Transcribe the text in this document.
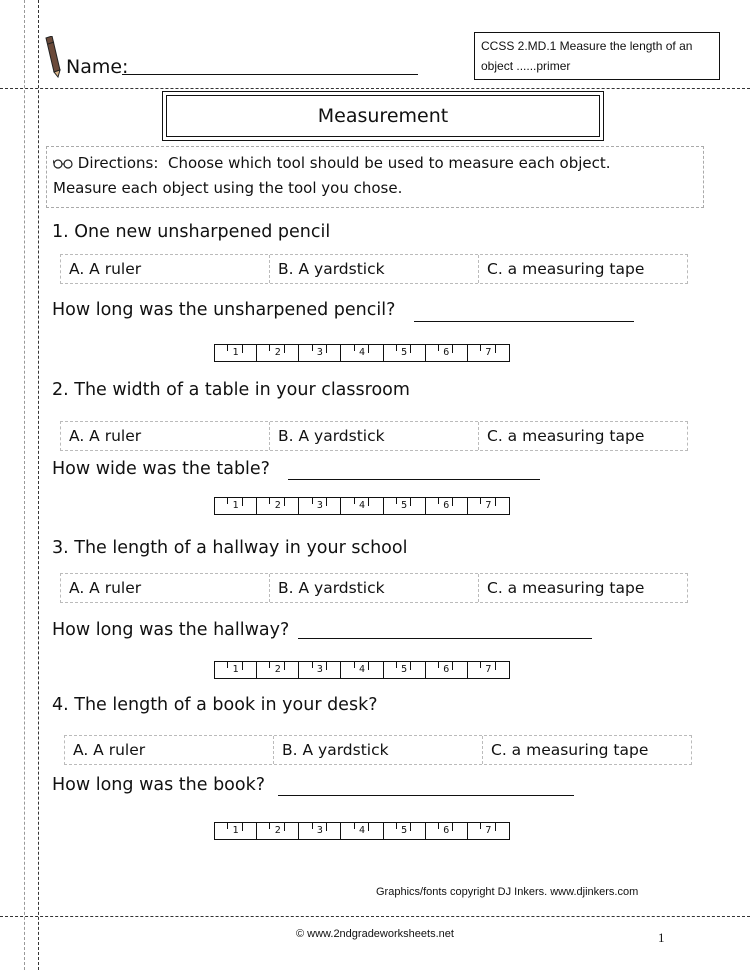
Name:
CCSS 2.MD.1 Measure the length of an
object ......primer
Measurement
Directions: Choose which tool should be used to measure each object.
Measure each object using the tool you chose.
1. One new unsharpened pencil
A. A ruler	B. A yardstick	C. a measuring tape
How long was the unsharpened pencil?
1	2	3	4	5	6	7
2. The width of a table in your classroom
A. A ruler	B. A yardstick	C. a measuring tape
How wide was the table?
1	2	3	4	5	6	7
3. The length of a hallway in your school
A. A ruler	B. A yardstick	C. a measuring tape
How long was the hallway?
1	2	3	4	5	6	7
4. The length of a book in your desk?
A. A ruler	B. A yardstick	C. a measuring tape
How long was the book?
1	2	3	4	5	6	7
Graphics/fonts copyright DJ Inkers. www.djinkers.com
© www.2ndgradeworksheets.net	1
